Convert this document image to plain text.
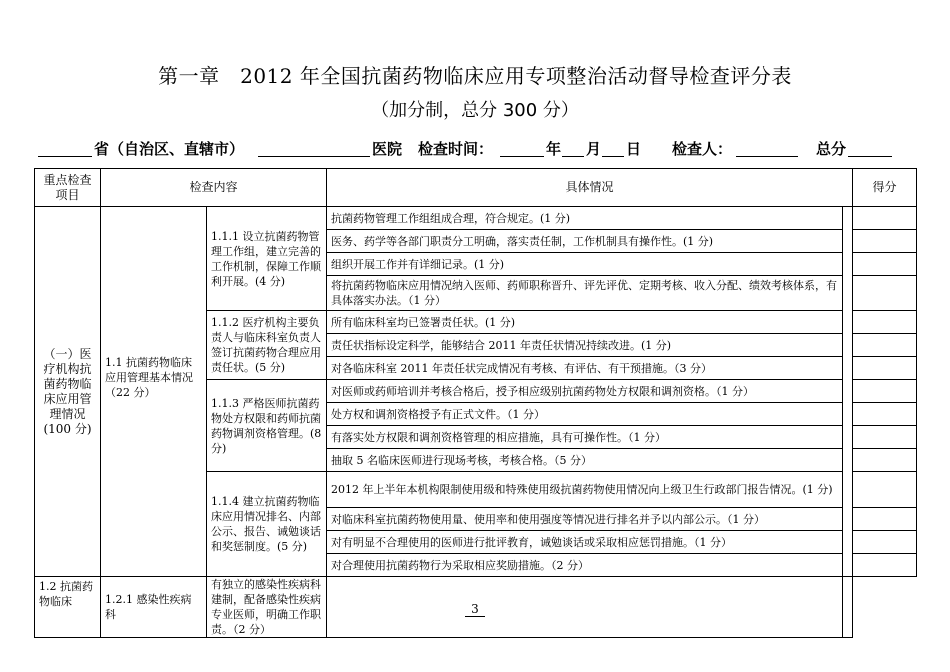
第一章　2012 年全国抗菌药物临床应用专项整治活动督导检查评分表
（加分制，总分 300 分）
省（自治区、直辖市）	医院 检查时间：	年 月 日 检查人：	总分
重点检查项目	检查内容		具体情况		得分
（一）医疗机构抗菌药物临床应用管理情况(100 分)	1.1 抗菌药物临床应用管理基本情况（22 分）	1.1.1 设立抗菌药物管理工作组，建立完善的工作机制，保障工作顺利开展。(4 分)	抗菌药物管理工作组组成合理，符合规定。(1 分)		
			医务、药学等各部门职责分工明确，落实责任制，工作机制具有操作性。(1 分)		
			组织开展工作并有详细记录。(1 分)		
			将抗菌药物临床应用情况纳入医师、药师职称晋升、评先评优、定期考核、收入分配、绩效考核体系，有具体落实办法。（1 分）		
		1.1.2 医疗机构主要负责人与临床科室负责人签订抗菌药物合理应用责任状。(5 分)	所有临床科室均已签署责任状。(1 分)		
			责任状指标设定科学，能够结合 2011 年责任状情况持续改进。(1 分)		
			对各临床科室 2011 年责任状完成情况有考核、有评估、有干预措施。（3 分）		
		1.1.3 严格医师抗菌药物处方权限和药师抗菌药物调剂资格管理。(8 分)	对医师或药师培训并考核合格后，授予相应级别抗菌药物处方权限和调剂资格。（1 分）		
			处方权和调剂资格授予有正式文件。（1 分）		
			有落实处方权限和调剂资格管理的相应措施，具有可操作性。（1 分）		
			抽取 5 名临床医师进行现场考核，考核合格。（5 分）		
		1.1.4 建立抗菌药物临床应用情况排名、内部公示、报告、诫勉谈话和奖惩制度。(5 分)	2012 年上半年本机构限制使用级和特殊使用级抗菌药物使用情况向上级卫生行政部门报告情况。(1 分)		
			对临床科室抗菌药物使用量、使用率和使用强度等情况进行排名并予以内部公示。（1 分）		
			对有明显不合理使用的医师进行批评教育，诫勉谈话或采取相应惩罚措施。（1 分）		
			对合理使用抗菌药物行为采取相应奖励措施。（2 分）		
1.2 抗菌药物临床	1.2.1 感染性疾病科	有独立的感染性疾病科建制，配备感染性疾病专业医师，明确工作职责。（2 分）			
3
